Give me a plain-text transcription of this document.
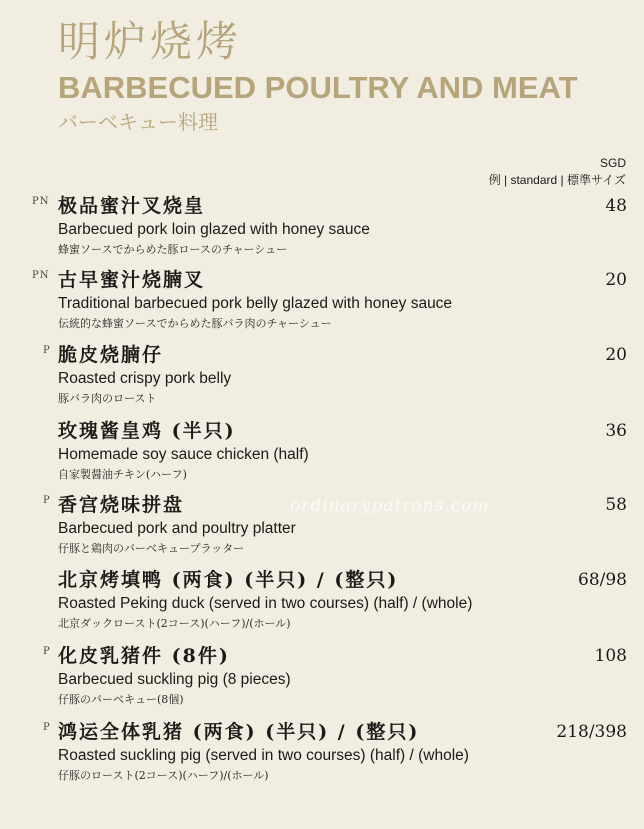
明炉烧烤
BARBECUED POULTRY AND MEAT
バーベキュー料理
SGD
例 | standard | 標準サイズ
PN 极品蜜汁叉烧皇
Barbecued pork loin glazed with honey sauce
蜂蜜ソースでからめた豚ロースのチャーシュー
48
PN 古早蜜汁烧腩叉
Traditional barbecued pork belly glazed with honey sauce
伝統的な蜂蜜ソースでからめた豚バラ肉のチャーシュー
20
P 脆皮烧腩仔
Roasted crispy pork belly
豚バラ肉のロースト
20
玫瑰酱皇鸡 (半只)
Homemade soy sauce chicken (half)
自家製醤油チキン(ハーフ)
36
P 香宫烧味拼盘
Barbecued pork and poultry platter
仔豚と鶏肉のバーベキュープラッター
58
北京烤填鸭 (两食) (半只) / (整只)
Roasted Peking duck (served in two courses) (half) / (whole)
北京ダックロースト(2コース)(ハーフ)/(ホール)
68/98
P 化皮乳猪件 (8件)
Barbecued suckling pig (8 pieces)
仔豚のバーベキュー(8個)
108
P 鸿运全体乳猪 (两食) (半只) / (整只)
Roasted suckling pig (served in two courses) (half) / (whole)
仔豚のロースト(2コース)(ハーフ)/(ホール)
218/398
ordinarypatrons.com
